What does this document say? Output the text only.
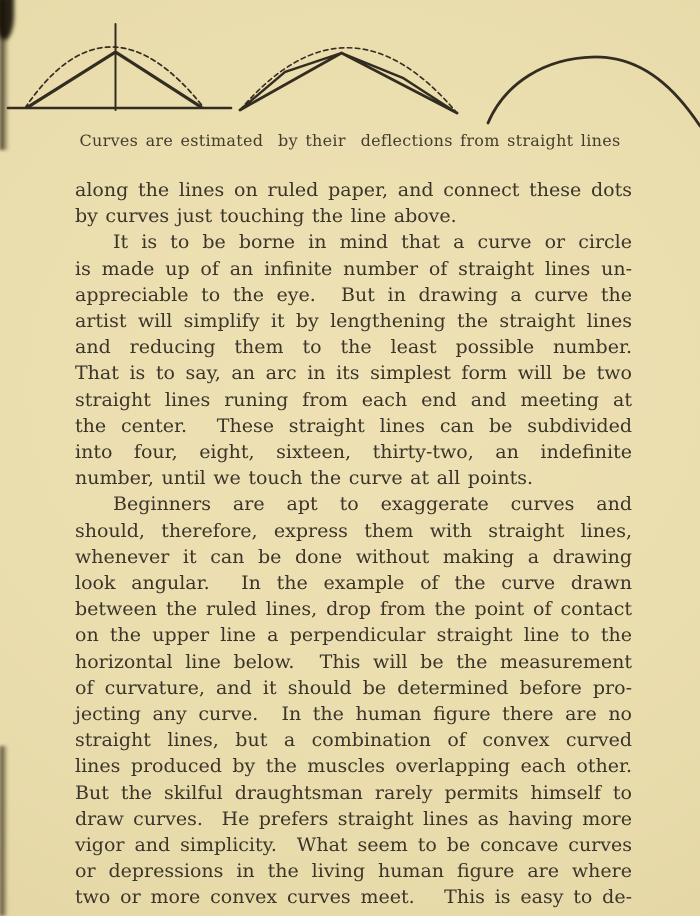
Curves are estimated  by their  deflections from straight lines
along the lines on ruled paper, and connect these dots
by curves just touching the line above.
It is to be borne in mind that a curve or circle
is made up of an infinite number of straight lines un-
appreciable to the eye.  But in drawing a curve the
artist will simplify it by lengthening the straight lines
and reducing them to the least possible number.
That is to say, an arc in its simplest form will be two
straight lines runing from each end and meeting at
the center.  These straight lines can be subdivided
into four, eight, sixteen, thirty-two, an indefinite
number, until we touch the curve at all points.
Beginners are apt to exaggerate curves and
should, therefore, express them with straight lines,
whenever it can be done without making a drawing
look angular.  In the example of the curve drawn
between the ruled lines, drop from the point of contact
on the upper line a perpendicular straight line to the
horizontal line below.  This will be the measurement
of curvature, and it should be determined before pro-
jecting any curve.  In the human figure there are no
straight lines, but a combination of convex curved
lines produced by the muscles overlapping each other.
But the skilful draughtsman rarely permits himself to
draw curves.  He prefers straight lines as having more
vigor and simplicity.  What seem to be concave curves
or depressions in the living human figure are where
two or more convex curves meet.   This is easy to de-
